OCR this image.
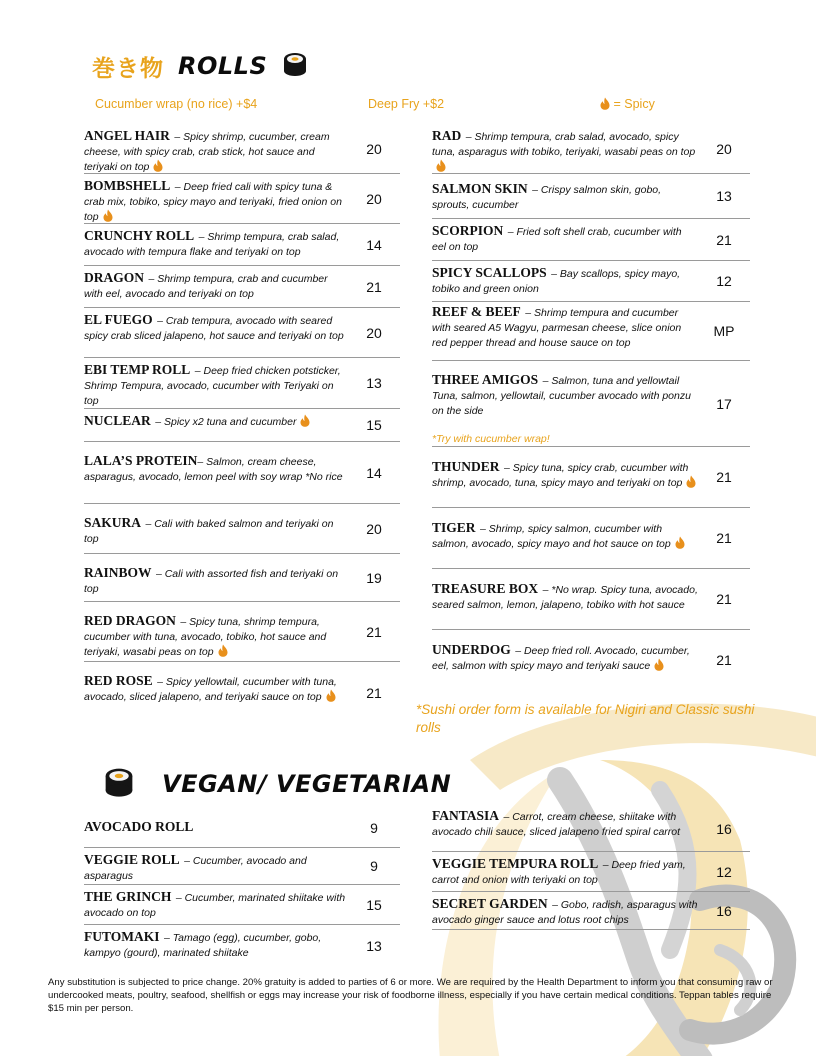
巻き物 ROLLS
Cucumber wrap (no rice) +$4	Deep Fry +$2	= Spicy
ANGEL HAIR – Spicy shrimp, cucumber, cream cheese, with spicy crab, crab stick, hot sauce and teriyaki on top
20
BOMBSHELL – Deep fried cali with spicy tuna & crab mix, tobiko, spicy mayo and teriyaki, fried onion on top
20
CRUNCHY ROLL – Shrimp tempura, crab salad, avocado with tempura flake and teriyaki on top	14
DRAGON – Shrimp tempura, crab and cucumber with eel, avocado and teriyaki on top	21
EL FUEGO – Crab tempura, avocado with seared spicy crab sliced jalapeno, hot sauce and teriyaki on top	20
EBI TEMP ROLL – Deep fried chicken potsticker, Shrimp Tempura, avocado, cucumber with Teriyaki on top
13
NUCLEAR – Spicy x2 tuna and cucumber	15
LALA’S PROTEIN– Salmon, cream cheese, asparagus, avocado, lemon peel with soy wrap *No rice	14
SAKURA – Cali with baked salmon and teriyaki on top
20
RAINBOW – Cali with assorted fish and teriyaki on top
19
RED DRAGON – Spicy tuna, shrimp tempura, cucumber with tuna, avocado, tobiko, hot sauce and teriyaki, wasabi peas on top
21
RED ROSE – Spicy yellowtail, cucumber with tuna, avocado, sliced jalapeno, and teriyaki sauce on top	21
RAD – Shrimp tempura, crab salad, avocado, spicy tuna, asparagus with tobiko, teriyaki, wasabi peas on top	20
SALMON SKIN – Crispy salmon skin, gobo, sprouts, cucumber
13
SCORPION – Fried soft shell crab, cucumber with eel on top	21
SPICY SCALLOPS – Bay scallops, spicy mayo, tobiko and green onion	12
REEF & BEEF – Shrimp tempura and cucumber with seared A5 Wagyu, parmesan cheese, slice onion red pepper thread and house sauce on top
MP
THREE AMIGOS – Salmon, tuna and yellowtail Tuna, salmon, yellowtail, cucumber avocado with ponzu on the side
*Try with cucumber wrap!
17
THUNDER – Spicy tuna, spicy crab, cucumber with shrimp, avocado, tuna, spicy mayo and teriyaki on top	21
TIGER – Shrimp, spicy salmon, cucumber with salmon, avocado, spicy mayo and hot sauce on top	21
TREASURE BOX – *No wrap. Spicy tuna, avocado, seared salmon, lemon, jalapeno, tobiko with hot sauce	21
UNDERDOG – Deep fried roll. Avocado, cucumber, eel, salmon with spicy mayo and teriyaki sauce	21
*Sushi order form is available for Nigiri and Classic sushi rolls
VEGAN/ VEGETARIAN
AVOCADO ROLL	9
VEGGIE ROLL – Cucumber, avocado and asparagus
9
THE GRINCH – Cucumber, marinated shiitake with avocado on top
15
FUTOMAKI – Tamago (egg), cucumber, gobo, kampyo (gourd), marinated shiitake	13
FANTASIA – Carrot, cream cheese, shiitake with avocado chili sauce, sliced jalapeno fried spiral carrot	16
VEGGIE TEMPURA ROLL – Deep fried yam, carrot and onion with teriyaki on top
12
SECRET GARDEN – Gobo, radish, asparagus with avocado ginger sauce and lotus root chips
16
Any substitution is subjected to price change. 20% gratuity is added to parties of 6 or more. We are required by the Health Department to inform you that consuming raw or undercooked meats, poultry, seafood, shellfish or eggs may increase your risk of foodborne illness, especially if you have certain medical conditions. Teppan tables require $15 min per person.
